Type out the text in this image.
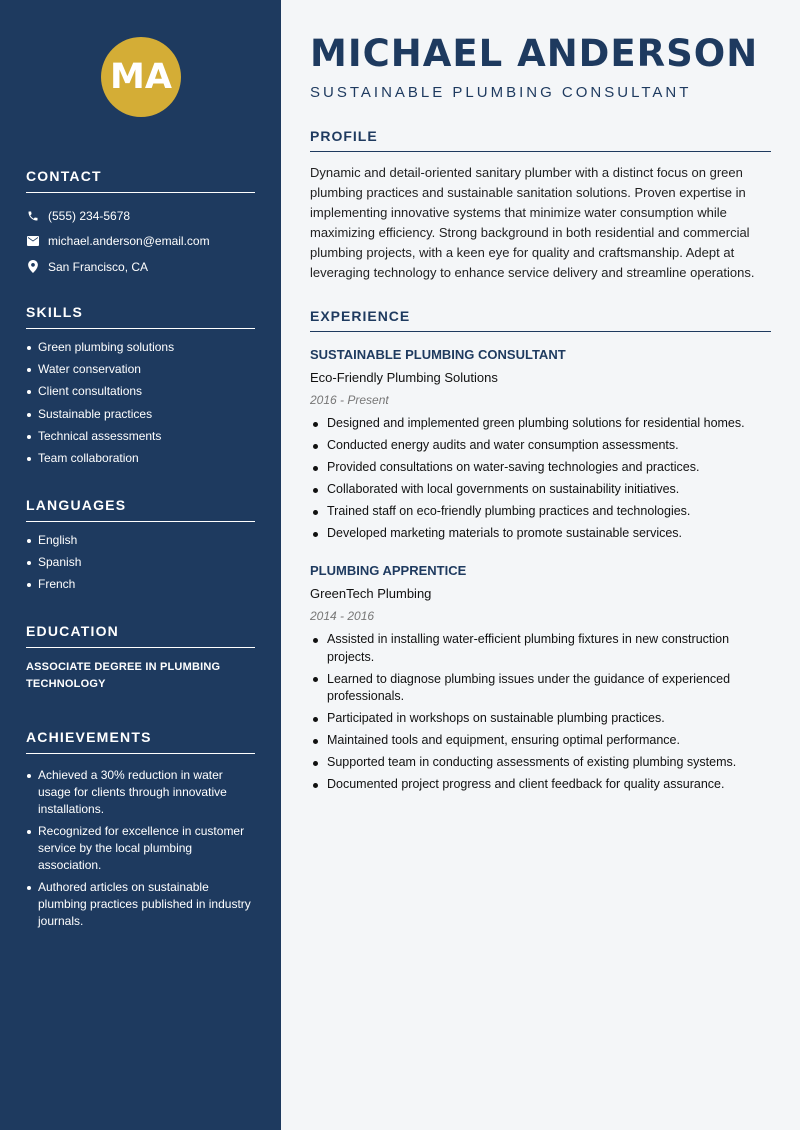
MA
CONTACT
(555) 234-5678
michael.anderson@email.com
San Francisco, CA
SKILLS
Green plumbing solutions
Water conservation
Client consultations
Sustainable practices
Technical assessments
Team collaboration
LANGUAGES
English
Spanish
French
EDUCATION
ASSOCIATE DEGREE IN PLUMBING TECHNOLOGY
ACHIEVEMENTS
Achieved a 30% reduction in water usage for clients through innovative installations.
Recognized for excellence in customer service by the local plumbing association.
Authored articles on sustainable plumbing practices published in industry journals.
MICHAEL ANDERSON
SUSTAINABLE PLUMBING CONSULTANT
PROFILE
Dynamic and detail-oriented sanitary plumber with a distinct focus on green plumbing practices and sustainable sanitation solutions. Proven expertise in implementing innovative systems that minimize water consumption while maximizing efficiency. Strong background in both residential and commercial plumbing projects, with a keen eye for quality and craftsmanship. Adept at leveraging technology to enhance service delivery and streamline operations.
EXPERIENCE
SUSTAINABLE PLUMBING CONSULTANT
Eco-Friendly Plumbing Solutions
2016 - Present
Designed and implemented green plumbing solutions for residential homes.
Conducted energy audits and water consumption assessments.
Provided consultations on water-saving technologies and practices.
Collaborated with local governments on sustainability initiatives.
Trained staff on eco-friendly plumbing practices and technologies.
Developed marketing materials to promote sustainable services.
PLUMBING APPRENTICE
GreenTech Plumbing
2014 - 2016
Assisted in installing water-efficient plumbing fixtures in new construction projects.
Learned to diagnose plumbing issues under the guidance of experienced professionals.
Participated in workshops on sustainable plumbing practices.
Maintained tools and equipment, ensuring optimal performance.
Supported team in conducting assessments of existing plumbing systems.
Documented project progress and client feedback for quality assurance.
